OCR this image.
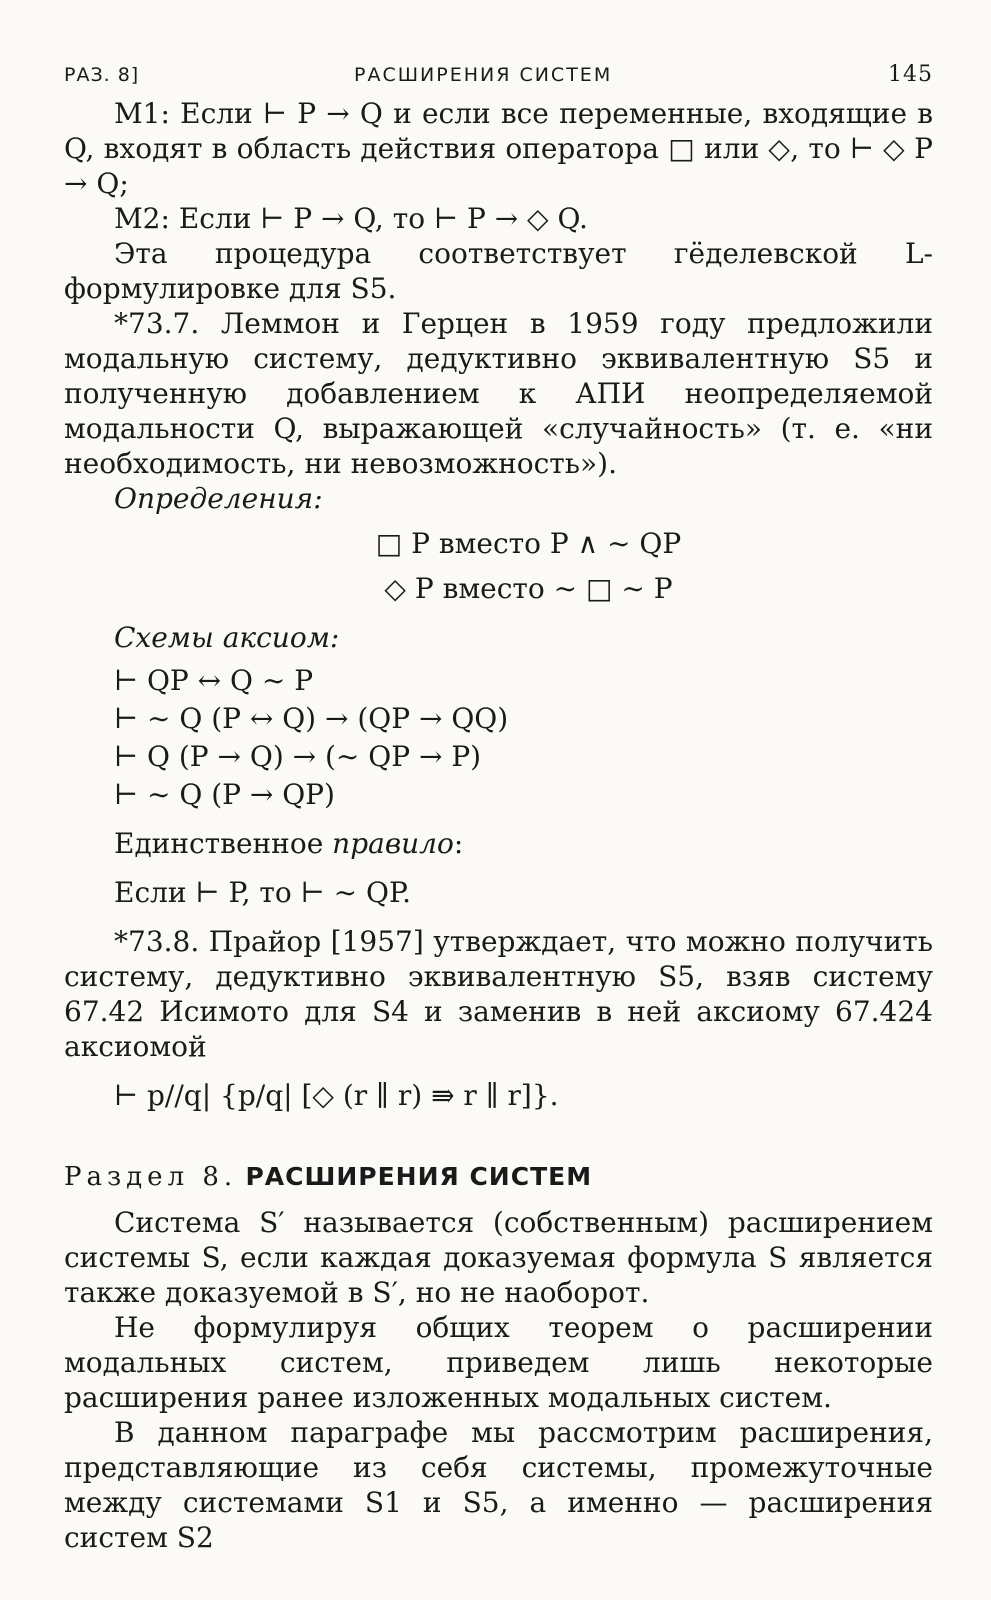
РАЗ. 8]	РАСШИРЕНИЯ СИСТЕМ	145

M1: Если ⊢ P → Q и если все переменные, входящие в Q, входят в область действия оператора □ или ◇, то ⊢ ◇ P → Q;

M2: Если ⊢ P → Q, то ⊢ P → ◇ Q.

Эта процедура соответствует гёделевской L-формулировке для S5.

*73.7. Леммон и Герцен в 1959 году предложили модальную систему, дедуктивно эквивалентную S5 и полученную добавлением к АПИ неопределяемой модальности Q, выражающей «случайность» (т. е. «ни необходимость, ни невозможность»).

Определения:

□ P вместо P ∧ ∼ QP

◇ P вместо ∼ □ ∼ P

Схемы аксиом:

⊢ QP ↔ Q ∼ P

⊢ ∼ Q (P ↔ Q) → (QP → QQ)

⊢ Q (P → Q) → (∼ QP → P)

⊢ ∼ Q (P → QP)

Единственное правило:

Если ⊢ P, то ⊢ ∼ QP.

*73.8. Прайор [1957] утверждает, что можно получить систему, дедуктивно эквивалентную S5, взяв систему 67.42 Исимото для S4 и заменив в ней аксиому 67.424 аксиомой

⊢ p//q| {p/q| [◇ (r ∥ r) ⇛ r ∥ r]}.

Раздел 8. РАСШИРЕНИЯ СИСТЕМ

Система S′ называется (собственным) расширением системы S, если каждая доказуемая формула S является также доказуемой в S′, но не наоборот.

Не формулируя общих теорем о расширении модальных систем, приведем лишь некоторые расширения ранее изложенных модальных систем.

В данном параграфе мы рассмотрим расширения, представляющие из себя системы, промежуточные между системами S1 и S5, а именно — расширения систем S2
